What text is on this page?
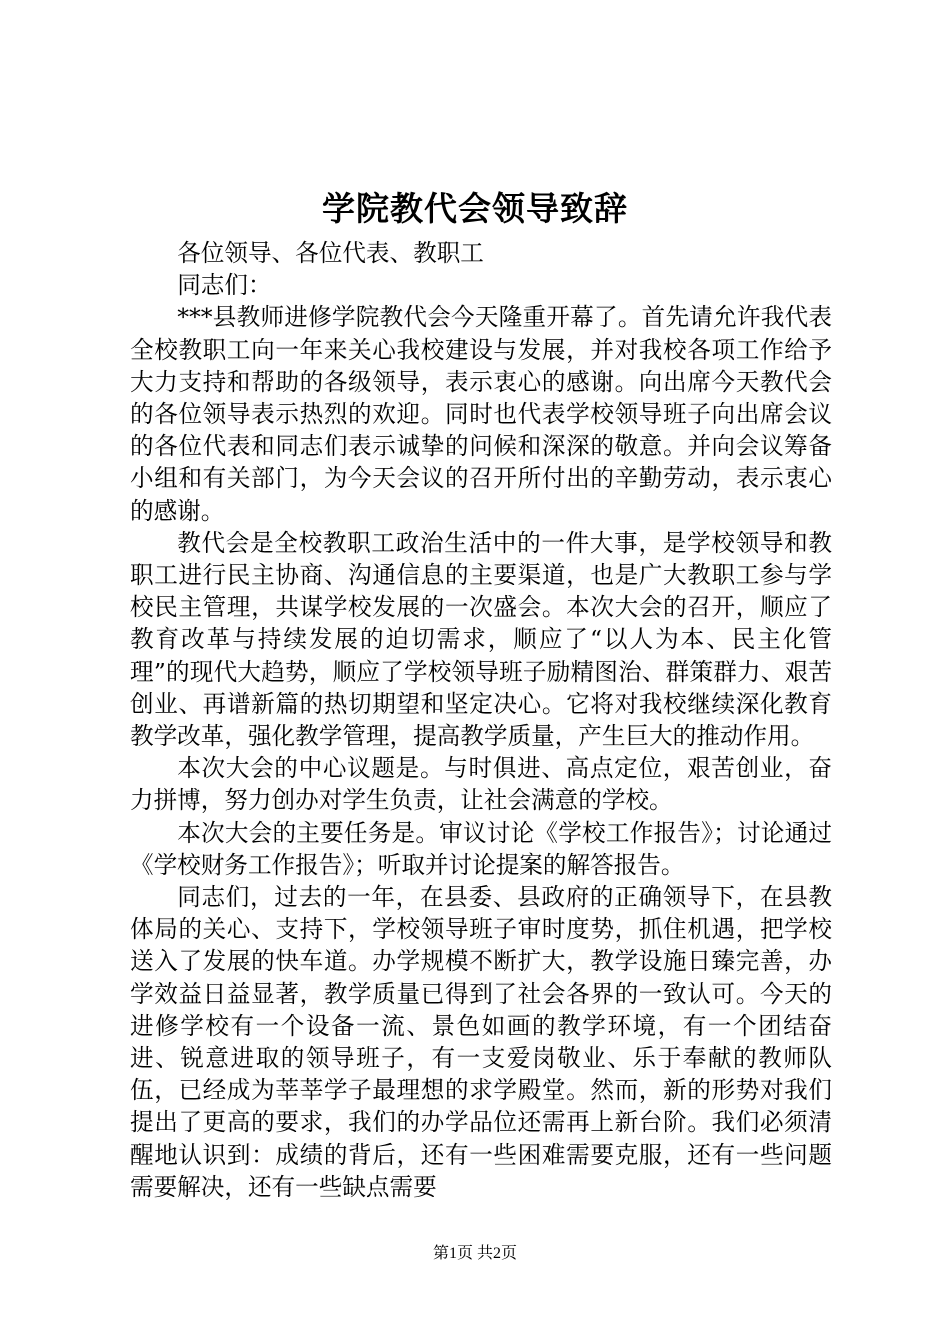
学院教代会领导致辞

各位领导、各位代表、教职工

同志们：

***县教师进修学院教代会今天隆重开幕了。首先请允许我代表全校教职工向一年来关心我校建设与发展，并对我校各项工作给予大力支持和帮助的各级领导，表示衷心的感谢。向出席今天教代会的各位领导表示热烈的欢迎。同时也代表学校领导班子向出席会议的各位代表和同志们表示诚挚的问候和深深的敬意。并向会议筹备小组和有关部门，为今天会议的召开所付出的辛勤劳动，表示衷心的感谢。

教代会是全校教职工政治生活中的一件大事，是学校领导和教职工进行民主协商、沟通信息的主要渠道，也是广大教职工参与学校民主管理，共谋学校发展的一次盛会。本次大会的召开，顺应了教育改革与持续发展的迫切需求，顺应了“以人为本、民主化管理”的现代大趋势，顺应了学校领导班子励精图治、群策群力、艰苦创业、再谱新篇的热切期望和坚定决心。它将对我校继续深化教育教学改革，强化教学管理，提高教学质量，产生巨大的推动作用。

本次大会的中心议题是。与时俱进、高点定位，艰苦创业，奋力拼博，努力创办对学生负责，让社会满意的学校。

本次大会的主要任务是。审议讨论《学校工作报告》；讨论通过《学校财务工作报告》；听取并讨论提案的解答报告。

同志们，过去的一年，在县委、县政府的正确领导下，在县教体局的关心、支持下，学校领导班子审时度势，抓住机遇，把学校送入了发展的快车道。办学规模不断扩大，教学设施日臻完善，办学效益日益显著，教学质量已得到了社会各界的一致认可。今天的进修学校有一个设备一流、景色如画的教学环境，有一个团结奋进、锐意进取的领导班子，有一支爱岗敬业、乐于奉献的教师队伍，已经成为莘莘学子最理想的求学殿堂。然而，新的形势对我们提出了更高的要求，我们的办学品位还需再上新台阶。我们必须清醒地认识到：成绩的背后，还有一些困难需要克服，还有一些问题需要解决，还有一些缺点需要

第1页 共2页
